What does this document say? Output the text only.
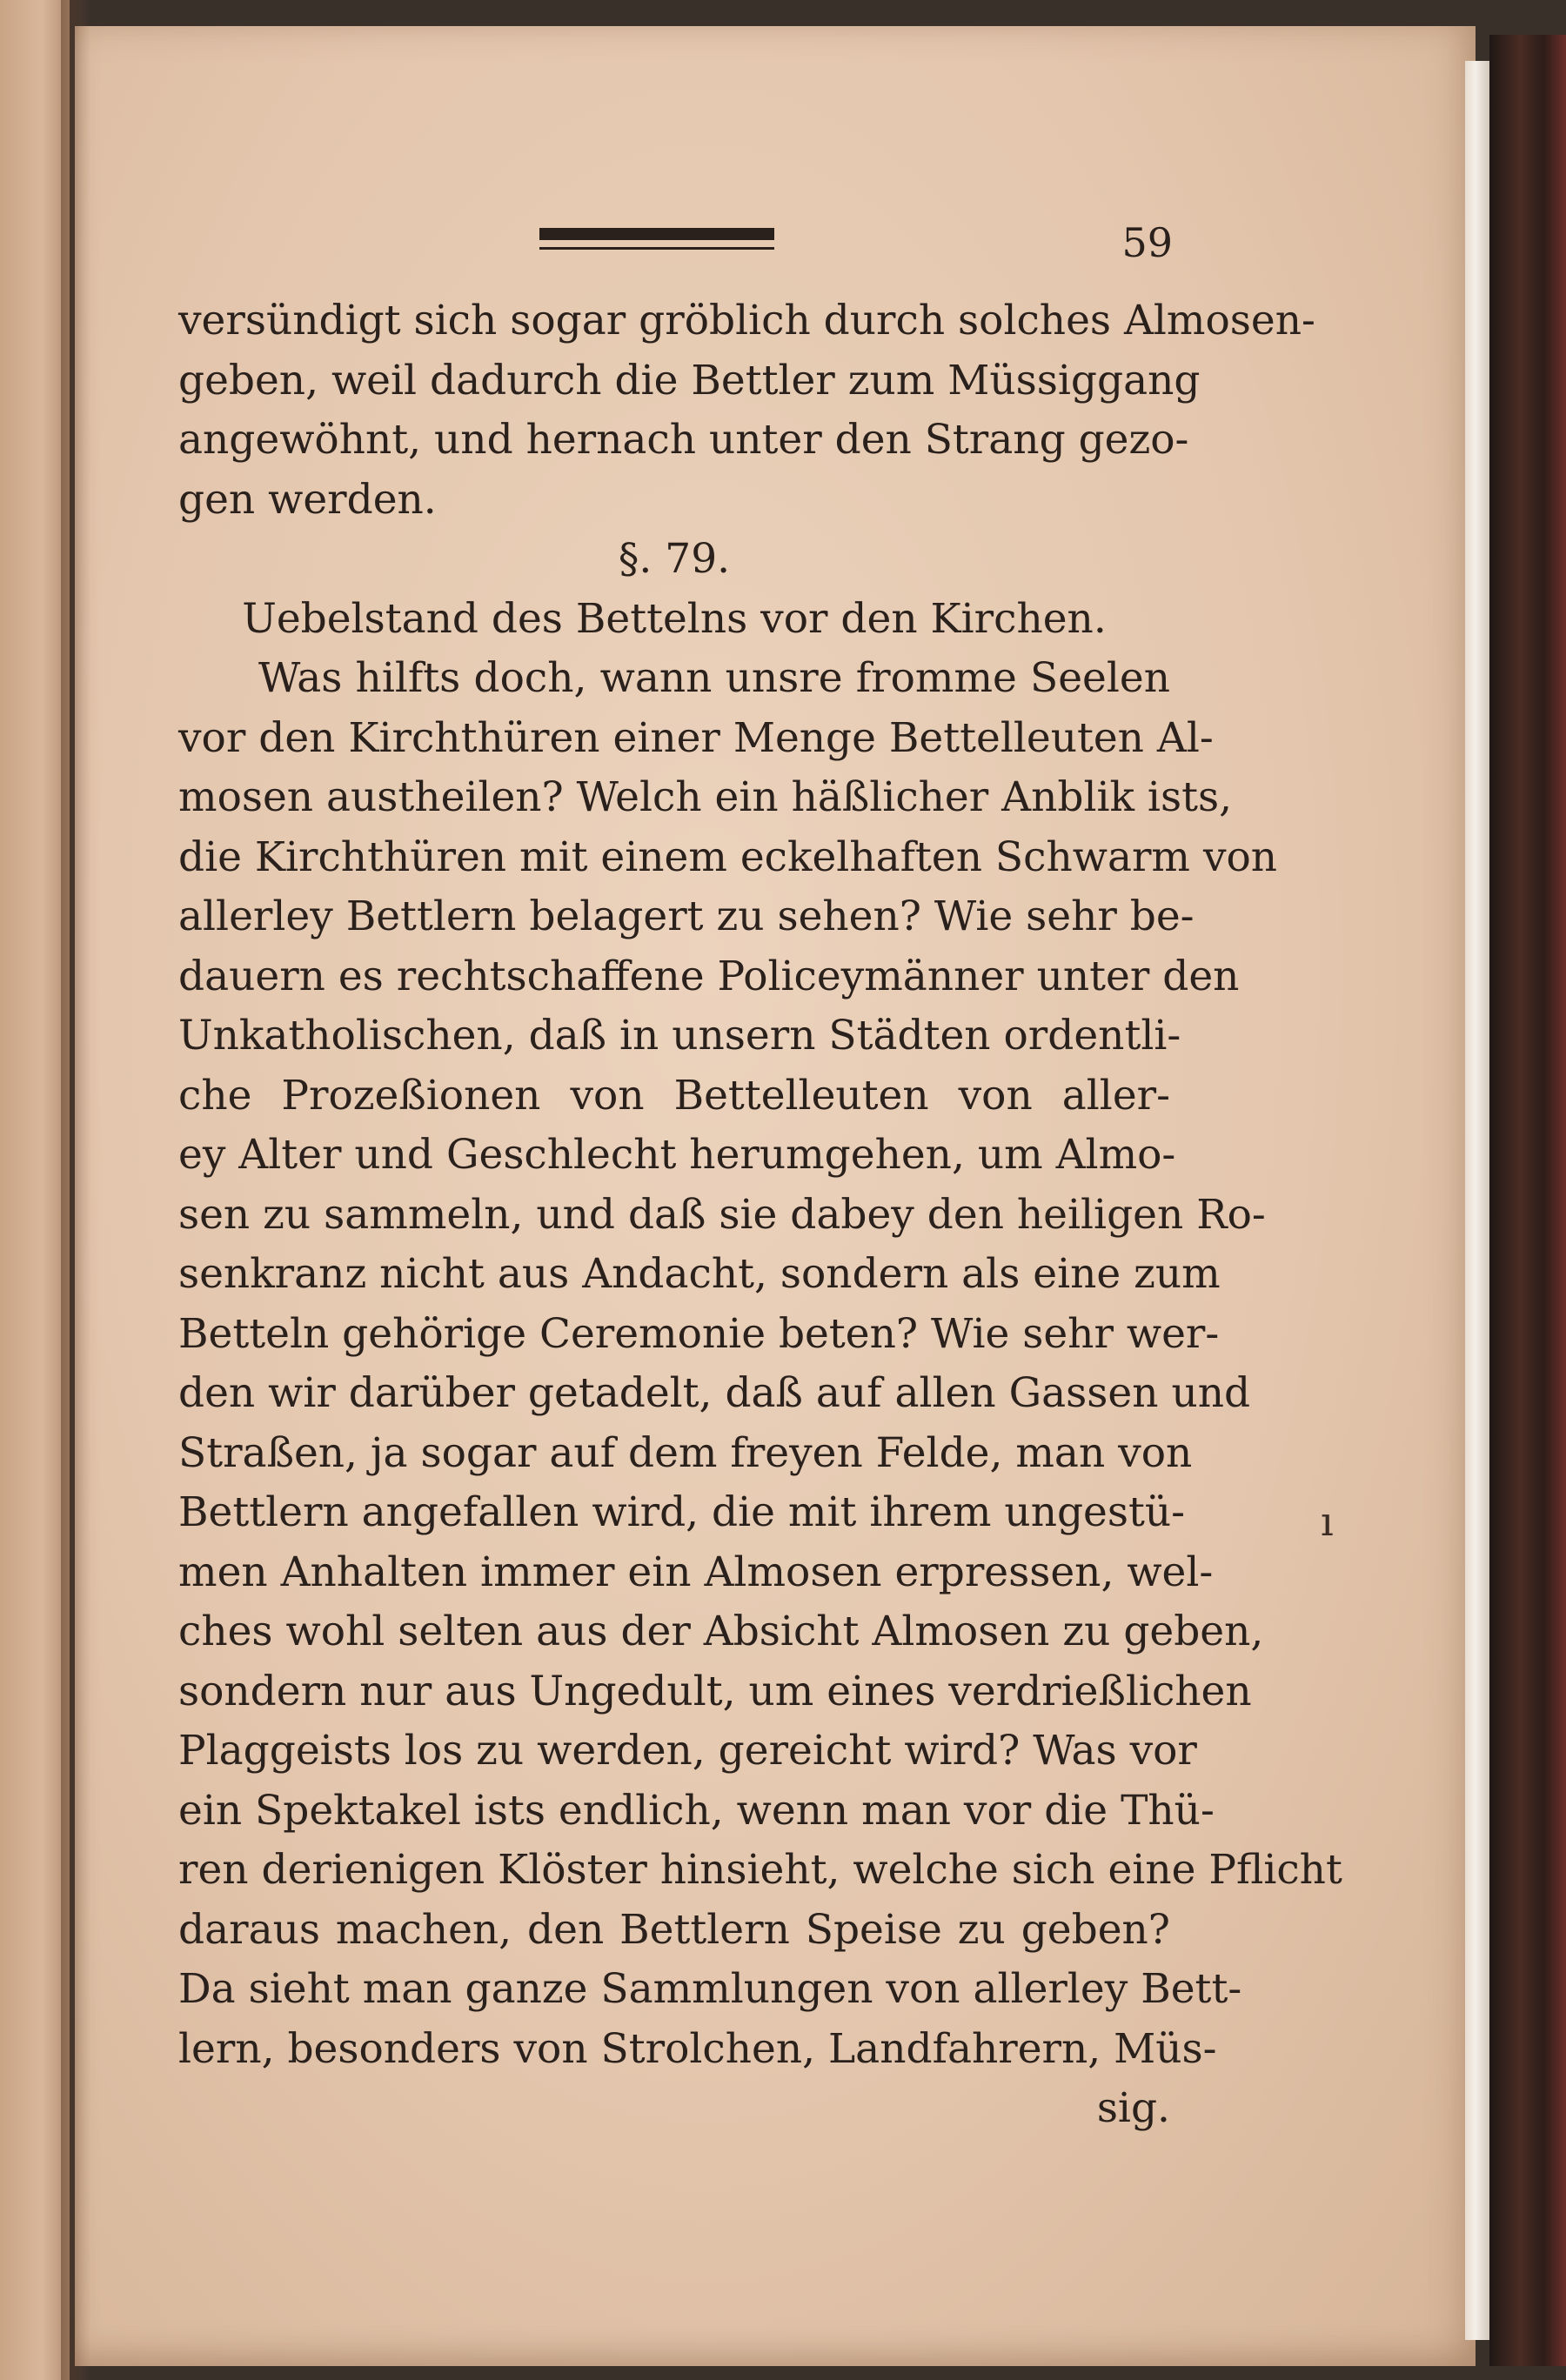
59
versündigt sich sogar gröblich durch solches Almosen-
geben, weil dadurch die Bettler zum Müssiggang
angewöhnt, und hernach unter den Strang gezo-
gen werden.
§. 79.
Uebelstand des Bettelns vor den Kirchen.
Was hilfts doch, wann unsre fromme Seelen
vor den Kirchthüren einer Menge Bettelleuten Al-
mosen austheilen? Welch ein häßlicher Anblik ists,
die Kirchthüren mit einem eckelhaften Schwarm von
allerley Bettlern belagert zu sehen? Wie sehr be-
dauern es rechtschaffene Policeymänner unter den
Unkatholischen, daß in unsern Städten ordentli-
che Prozeßionen von Bettelleuten von aller-
ey Alter und Geschlecht herumgehen, um Almo-
sen zu sammeln, und daß sie dabey den heiligen Ro-
senkranz nicht aus Andacht, sondern als eine zum
Betteln gehörige Ceremonie beten? Wie sehr wer-
den wir darüber getadelt, daß auf allen Gassen und
Straßen, ja sogar auf dem freyen Felde, man von
Bettlern angefallen wird, die mit ihrem ungestü-
men Anhalten immer ein Almosen erpressen, wel-
ches wohl selten aus der Absicht Almosen zu geben,
sondern nur aus Ungedult, um eines verdrießlichen
Plaggeists los zu werden, gereicht wird? Was vor
ein Spektakel ists endlich, wenn man vor die Thü-
ren derienigen Klöster hinsieht, welche sich eine Pflicht
daraus machen, den Bettlern Speise zu geben?
Da sieht man ganze Sammlungen von allerley Bett-
lern, besonders von Strolchen, Landfahrern, Müs-
sig.
ı
